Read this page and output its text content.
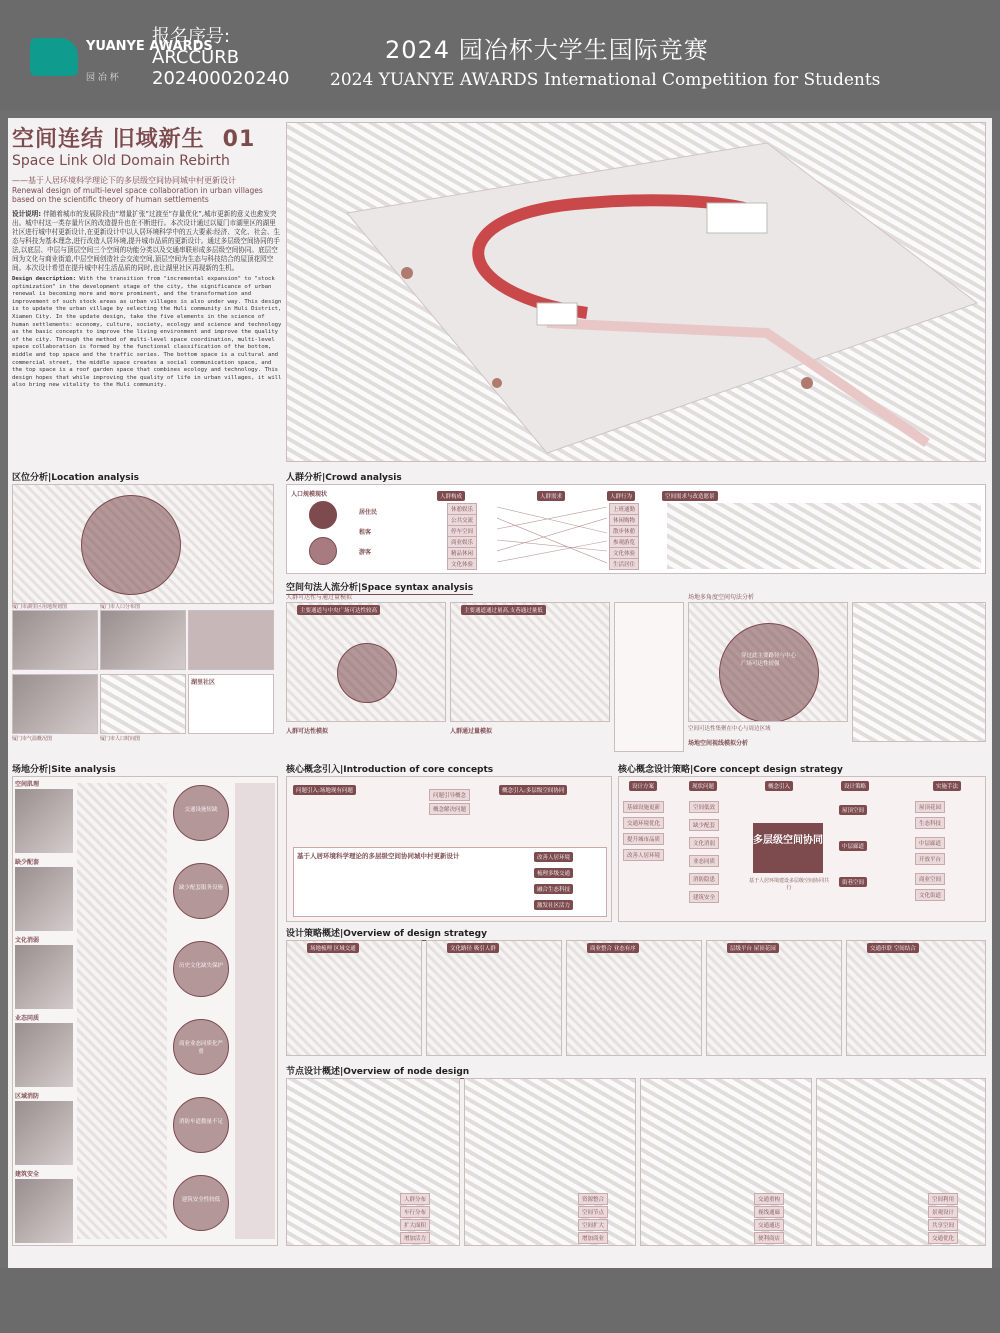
YUANYE AWARDS
园 冶 杯
报名序号:
ARCCURB
202400020240
2024 园冶杯大学生国际竞赛
2024 YUANYE AWARDS International Competition for Students
空间连结 旧域新生 01
Space Link Old Domain Rebirth
——基于人居环境科学理论下的多层级空间协同城中村更新设计
Renewal design of multi-level space collaboration in urban villages based on the scientific theory of human settlements
设计说明: 伴随着城市的发展阶段由“增量扩张”过渡至“存量优化”,城市更新的意义也愈发突出。城中村这一类存量片区的改造提升也在不断进行。本次设计通过以厦门市湖里区的湖里社区进行城中村更新设计,在更新设计中以人居环境科学中的五大要素:经济、文化、社会、生态与科技为基本理念,进行改造人居环境,提升城市品质的更新设计。通过多层级空间协同的手法,以底层、中层与顶层空间三个空间的功能分类以及交通串联形成多层级空间协同。底层空间为文化与商业街道,中层空间创造社会交流空间,顶层空间为生态与科技结合的屋顶花园空间。本次设计希望在提升城中村生活品质的同时,也让湖里社区再现新的生机。
Design description: With the transition from "incremental expansion" to "stock optimization" in the development stage of the city, the significance of urban renewal is becoming more and more prominent, and the transformation and improvement of such stock areas as urban villages is also under way. This design is to update the urban village by selecting the Huli community in Huli District, Xiamen City. In the update design, take the five elements in the science of human settlements: economy, culture, society, ecology and science and technology as the basic concepts to improve the living environment and improve the quality of the city. Through the method of multi-level space coordination, multi-level space collaboration is formed by the functional classification of the bottom, middle and top space and the traffic series. The bottom space is a cultural and commercial street, the middle space creates a social communication space, and the top space is a roof garden space that combines ecology and technology. This design hopes that while improving the quality of life in urban villages, it will also bring new vitality to the Huli community.
区位分析|Location analysis	人群分析|Crowd analysis
湖里社区
厦门市湖里区用地规划图	厦门市人口分布图
厦门市气温概况图	厦门市人口时间图
人口规模现状	人群构成	人群需求	人群行为	空间需求与改造愿景
居住民
租客
游客
休憩娱乐
公共交流
停车空间
商业娱乐
精品休闲
文化体验
上班通勤
休闲购物
散步休憩
参观游览
文化体验
生活居住
空间句法人流分析|Space syntax analysis
人群可达性与通过量模拟	场地多角度空间句法分析
主要通道与中央广场可达性较高	主要通道通过量高,支巷通过量低
穿过此主要路径与中心广场可达性较强
空间可达性集聚在中心与周边区域
人群可达性模拟	人群通过量模拟
场地空间视线模拟分析
场地分析|Site analysis
空间肌理
缺少配套
文化消弱
业态同质
区域消防
建筑安全
交通设施短缺
缺少配套服务设施
历史文化缺失保护
商业业态同质化严重
消防车道数量不足
建筑安全性较低
核心概念引入|Introduction of core concepts
问题引入:场地现有问题	概念引入:多层级空间协同
问题引导概念
概念解决问题
基于人居环境科学理论的多层级空间协同城中村更新设计	改善人居环境
梳理多级交通
融合生态科技
激发社区活力
核心概念设计策略|Core concept design strategy
设计方案	现状问题	概念引入	设计策略	实施手法
基础设施更新
交通环境优化
提升城市品质
改善人居环境
空间低效
缺少配套
文化消弱
业态同质
消防隐患
建筑安全
多层级空间协同
基于人居环境建设多层级空间协同共行
屋顶空间
中层廊道
街巷空间
屋顶花园
生态科技
中层廊道
开放平台
商业空间
文化街道
设计策略概述|Overview of design strategy
场地梳理 区域交通	文化路径 吸引人群	商业整合 业态有序	层级平台 屋顶花园	交通串联 空间结合
节点设计概述|Overview of node design
人群分布
车行分布
扩大面积
增加活力
资源整合
空间节点
空间扩大
增加商业
交通重构
视线通廊
交通通达
便利商店
空间利用
景观设计
共享空间
交通优化
